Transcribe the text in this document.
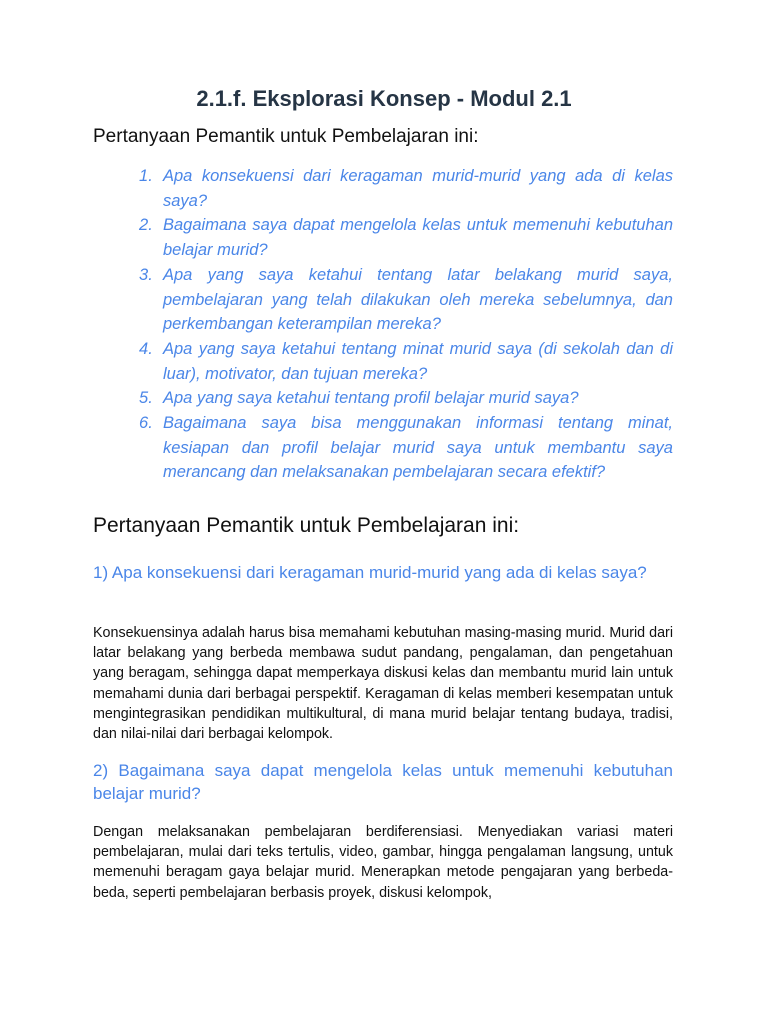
2.1.f. Eksplorasi Konsep - Modul 2.1
Pertanyaan Pemantik untuk Pembelajaran ini:
Apa konsekuensi dari keragaman murid-murid yang ada di kelas saya?
Bagaimana saya dapat mengelola kelas untuk memenuhi kebutuhan belajar murid?
Apa yang saya ketahui tentang latar belakang murid saya, pembelajaran yang telah dilakukan oleh mereka sebelumnya, dan perkembangan keterampilan mereka?
Apa yang saya ketahui tentang minat murid saya (di sekolah dan di luar), motivator, dan tujuan mereka?
Apa yang saya ketahui tentang profil belajar murid saya?
Bagaimana saya bisa menggunakan informasi tentang minat, kesiapan dan profil belajar murid saya untuk membantu saya merancang dan melaksanakan pembelajaran secara efektif?
Pertanyaan Pemantik untuk Pembelajaran ini:
1) Apa konsekuensi dari keragaman murid-murid yang ada di kelas saya?

Konsekuensinya adalah harus bisa memahami kebutuhan masing-masing murid. Murid dari latar belakang yang berbeda membawa sudut pandang, pengalaman, dan pengetahuan yang beragam, sehingga dapat memperkaya diskusi kelas dan membantu murid lain untuk memahami dunia dari berbagai perspektif. Keragaman di kelas memberi kesempatan untuk mengintegrasikan pendidikan multikultural, di mana murid belajar tentang budaya, tradisi, dan nilai-nilai dari berbagai kelompok.

2) Bagaimana saya dapat mengelola kelas untuk memenuhi kebutuhan belajar murid?

Dengan melaksanakan pembelajaran berdiferensiasi. Menyediakan variasi materi pembelajaran, mulai dari teks tertulis, video, gambar, hingga pengalaman langsung, untuk memenuhi beragam gaya belajar murid. Menerapkan metode pengajaran yang berbeda-beda, seperti pembelajaran berbasis proyek, diskusi kelompok,
